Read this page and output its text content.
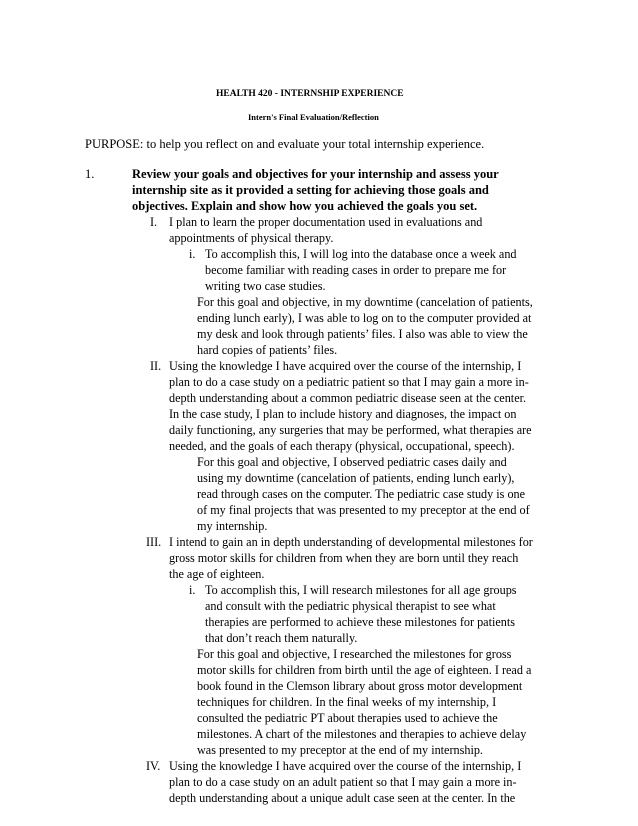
HEALTH 420 - INTERNSHIP EXPERIENCE
Intern's Final Evaluation/Reflection
PURPOSE: to help you reflect on and evaluate your total internship experience.
1.	Review your goals and objectives for your internship and assess your
internship site as it provided a setting for achieving those goals and
objectives. Explain and show how you achieved the goals you set.
I. I plan to learn the proper documentation used in evaluations and
appointments of physical therapy.
i. To accomplish this, I will log into the database once a week and
become familiar with reading cases in order to prepare me for
writing two case studies.
For this goal and objective, in my downtime (cancelation of patients,
ending lunch early), I was able to log on to the computer provided at
my desk and look through patients’ files. I also was able to view the
hard copies of patients’ files.
II. Using the knowledge I have acquired over the course of the internship, I
plan to do a case study on a pediatric patient so that I may gain a more in-
depth understanding about a common pediatric disease seen at the center.
In the case study, I plan to include history and diagnoses, the impact on
daily functioning, any surgeries that may be performed, what therapies are
needed, and the goals of each therapy (physical, occupational, speech).
For this goal and objective, I observed pediatric cases daily and
using my downtime (cancelation of patients, ending lunch early),
read through cases on the computer. The pediatric case study is one
of my final projects that was presented to my preceptor at the end of
my internship.
III. I intend to gain an in depth understanding of developmental milestones for
gross motor skills for children from when they are born until they reach
the age of eighteen.
i. To accomplish this, I will research milestones for all age groups
and consult with the pediatric physical therapist to see what
therapies are performed to achieve these milestones for patients
that don’t reach them naturally.
For this goal and objective, I researched the milestones for gross
motor skills for children from birth until the age of eighteen. I read a
book found in the Clemson library about gross motor development
techniques for children. In the final weeks of my internship, I
consulted the pediatric PT about therapies used to achieve the
milestones. A chart of the milestones and therapies to achieve delay
was presented to my preceptor at the end of my internship.
IV. Using the knowledge I have acquired over the course of the internship, I
plan to do a case study on an adult patient so that I may gain a more in-
depth understanding about a unique adult case seen at the center. In the
